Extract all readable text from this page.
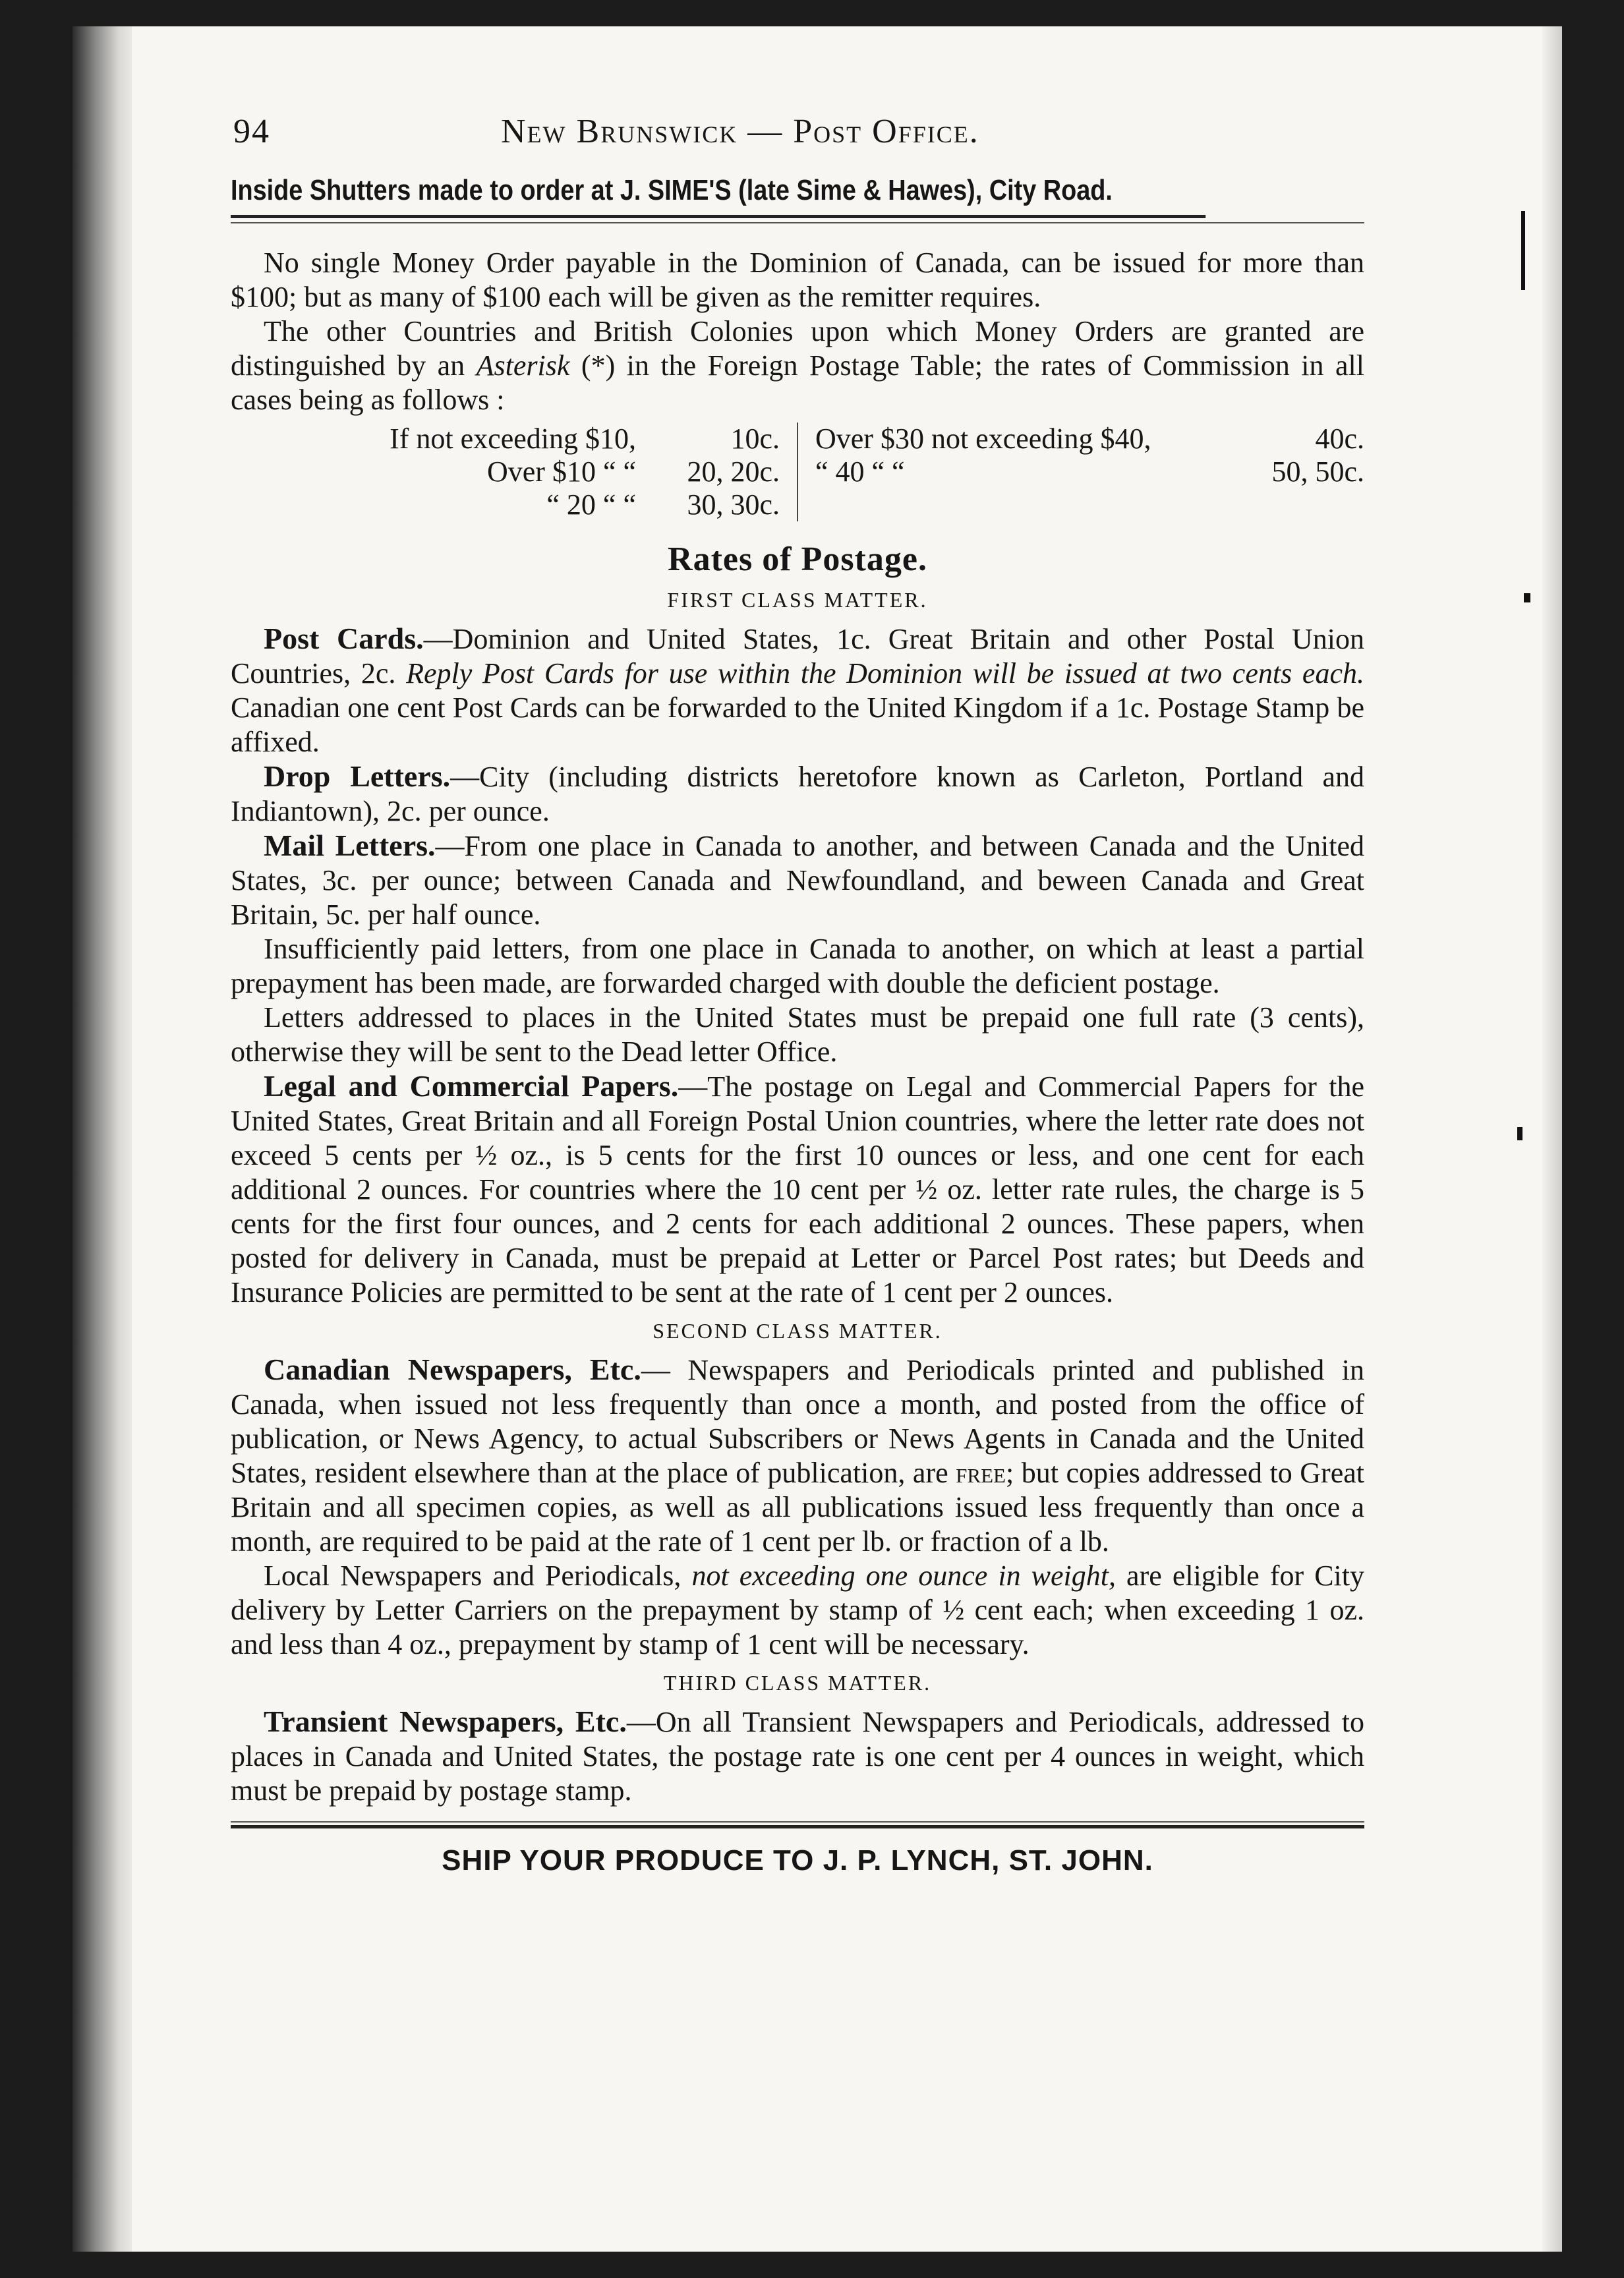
94	New Brunswick — Post Office.
Inside Shutters made to order at J. SIME'S (late Sime & Hawes), City Road.

No single Money Order payable in the Dominion of Canada, can be issued for more than $100; but as many of $100 each will be given as the remitter requires.

The other Countries and British Colonies upon which Money Orders are granted are distinguished by an Asterisk (*) in the Foreign Postage Table; the rates of Commission in all cases being as follows :

If not exceeding $10,	10c.
Over $10 “ “	20, 20c.
“ 20 “ “	30, 30c.
Over $30 not exceeding $40,	40c.
“ 40 “ “	50, 50c.
Rates of Postage.
FIRST CLASS MATTER.

Post Cards.—Dominion and United States, 1c. Great Britain and other Postal Union Countries, 2c. Reply Post Cards for use within the Dominion will be issued at two cents each. Canadian one cent Post Cards can be forwarded to the United Kingdom if a 1c. Postage Stamp be affixed.

Drop Letters.—City (including districts heretofore known as Carleton, Portland and Indiantown), 2c. per ounce.

Mail Letters.—From one place in Canada to another, and between Canada and the United States, 3c. per ounce; between Canada and Newfoundland, and beween Canada and Great Britain, 5c. per half ounce.

Insufficiently paid letters, from one place in Canada to another, on which at least a partial prepayment has been made, are forwarded charged with double the deficient postage.

Letters addressed to places in the United States must be prepaid one full rate (3 cents), otherwise they will be sent to the Dead letter Office.

Legal and Commercial Papers.—The postage on Legal and Commercial Papers for the United States, Great Britain and all Foreign Postal Union countries, where the letter rate does not exceed 5 cents per ½ oz., is 5 cents for the first 10 ounces or less, and one cent for each additional 2 ounces. For countries where the 10 cent per ½ oz. letter rate rules, the charge is 5 cents for the first four ounces, and 2 cents for each additional 2 ounces. These papers, when posted for delivery in Canada, must be prepaid at Letter or Parcel Post rates; but Deeds and Insurance Policies are permitted to be sent at the rate of 1 cent per 2 ounces.

SECOND CLASS MATTER.

Canadian Newspapers, Etc.— Newspapers and Periodicals printed and published in Canada, when issued not less frequently than once a month, and posted from the office of publication, or News Agency, to actual Subscribers or News Agents in Canada and the United States, resident elsewhere than at the place of publication, are free; but copies addressed to Great Britain and all specimen copies, as well as all publications issued less frequently than once a month, are required to be paid at the rate of 1 cent per lb. or fraction of a lb.

Local Newspapers and Periodicals, not exceeding one ounce in weight, are eligible for City delivery by Letter Carriers on the prepayment by stamp of ½ cent each; when exceeding 1 oz. and less than 4 oz., prepayment by stamp of 1 cent will be necessary.

THIRD CLASS MATTER.

Transient Newspapers, Etc.—On all Transient Newspapers and Periodicals, addressed to places in Canada and United States, the postage rate is one cent per 4 ounces in weight, which must be prepaid by postage stamp.

SHIP YOUR PRODUCE TO J. P. LYNCH, ST. JOHN.
